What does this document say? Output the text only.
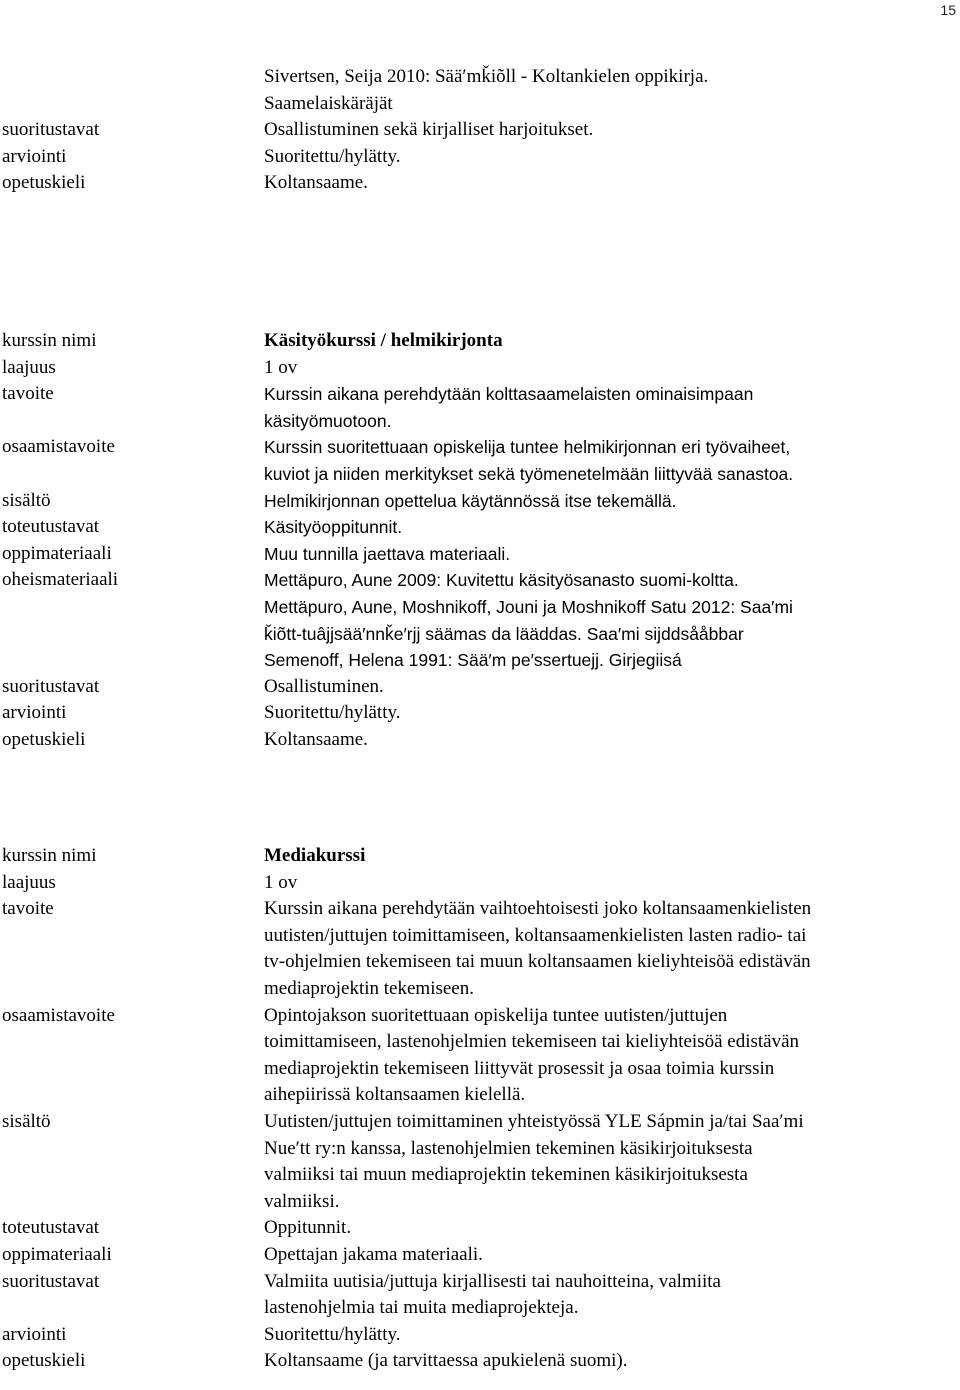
15
Sivertsen, Seija 2010: Sää′mǩiõll - Koltankielen oppikirja.
Saamelaiskäräjät
suoritustavat	Osallistuminen sekä kirjalliset harjoitukset.
arviointi	Suoritettu/hylätty.
opetuskieli	Koltansaame.
kurssin nimi	Käsityökurssi / helmikirjonta
laajuus	1 ov
tavoite	Kurssin aikana perehdytään kolttasaamelaisten ominaisimpaan
käsityömuotoon.
osaamistavoite	Kurssin suoritettuaan opiskelija tuntee helmikirjonnan eri työvaiheet,
kuviot ja niiden merkitykset sekä työmenetelmään liittyvää sanastoa.
sisältö	Helmikirjonnan opettelua käytännössä itse tekemällä.
toteutustavat	Käsityöoppitunnit.
oppimateriaali	Muu tunnilla jaettava materiaali.
oheismateriaali	Mettäpuro, Aune 2009: Kuvitettu käsityösanasto suomi-koltta.
Mettäpuro, Aune, Moshnikoff, Jouni ja Moshnikoff Satu 2012: Saa′mi
ǩiõtt-tuâjjsää′nnǩe′rjj säämas da lääddas. Saa′mi sijddsååbbar
Semenoff, Helena 1991: Sää′m pe′ssertuejj. Girjegiisá
suoritustavat	Osallistuminen.
arviointi	Suoritettu/hylätty.
opetuskieli	Koltansaame.
kurssin nimi	Mediakurssi
laajuus	1 ov
tavoite	Kurssin aikana perehdytään vaihtoehtoisesti joko koltansaamenkielisten
uutisten/juttujen toimittamiseen, koltansaamenkielisten lasten radio- tai
tv-ohjelmien tekemiseen tai muun koltansaamen kieliyhteisöä edistävän
mediaprojektin tekemiseen.
osaamistavoite	Opintojakson suoritettuaan opiskelija tuntee uutisten/juttujen
toimittamiseen, lastenohjelmien tekemiseen tai kieliyhteisöä edistävän
mediaprojektin tekemiseen liittyvät prosessit ja osaa toimia kurssin
aihepiirissä koltansaamen kielellä.
sisältö	Uutisten/juttujen toimittaminen yhteistyössä YLE Sápmin ja/tai Saa′mi
Nue′tt ry:n kanssa, lastenohjelmien tekeminen käsikirjoituksesta
valmiiksi tai muun mediaprojektin tekeminen käsikirjoituksesta
valmiiksi.
toteutustavat	Oppitunnit.
oppimateriaali	Opettajan jakama materiaali.
suoritustavat	Valmiita uutisia/juttuja kirjallisesti tai nauhoitteina, valmiita
lastenohjelmia tai muita mediaprojekteja.
arviointi	Suoritettu/hylätty.
opetuskieli	Koltansaame (ja tarvittaessa apukielenä suomi).
